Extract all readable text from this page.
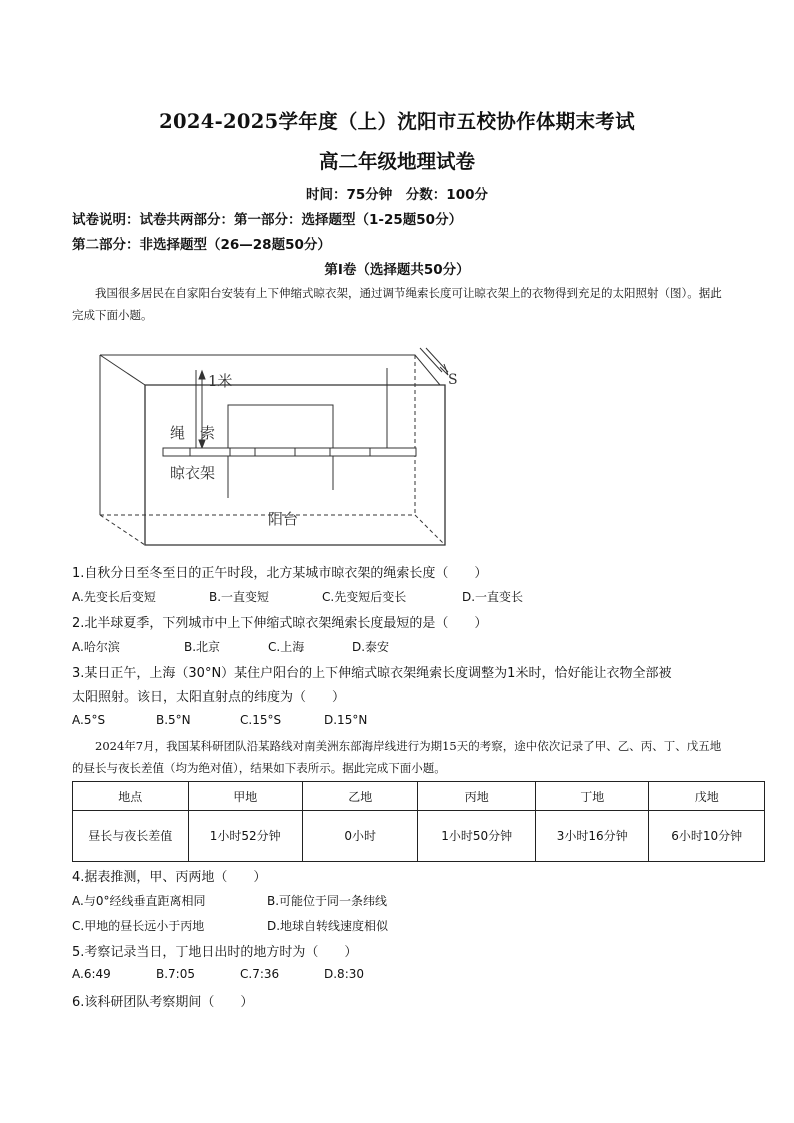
2024-2025学年度（上）沈阳市五校协作体期末考试
高二年级地理试卷
时间：75分钟　分数：100分
试卷说明：试卷共两部分：第一部分：选择题型（1-25题50分）
第二部分：非选择题型（26—28题50分）
第Ⅰ卷（选择题共50分）
我国很多居民在自家阳台安装有上下伸缩式晾衣架，通过调节绳索长度可让晾衣架上的衣物得到充足的太阳照射（图）。据此完成下面小题。
1米
绳　索
晾衣架
阳台
S
1.自秋分日至冬至日的正午时段，北方某城市晾衣架的绳索长度（　　）
A.先变长后变短	B.一直变短	C.先变短后变长	D.一直变长
2.北半球夏季，下列城市中上下伸缩式晾衣架绳索长度最短的是（　　）
A.哈尔滨	B.北京	C.上海	D.泰安
3.某日正午，上海（30°N）某住户阳台的上下伸缩式晾衣架绳索长度调整为1米时，恰好能让衣物全部被
太阳照射。该日，太阳直射点的纬度为（　　）
A.5°S	B.5°N	C.15°S	D.15°N
2024年7月，我国某科研团队沿某路线对南美洲东部海岸线进行为期15天的考察，途中依次记录了甲、乙、丙、丁、戊五地的昼长与夜长差值（均为绝对值），结果如下表所示。据此完成下面小题。
地点	甲地	乙地	丙地	丁地	戊地
昼长与夜长差值	1小时52分钟	0小时	1小时50分钟	3小时16分钟	6小时10分钟
4.据表推测，甲、丙两地（　　）
A.与0°经线垂直距离相同	B.可能位于同一条纬线
C.甲地的昼长远小于丙地	D.地球自转线速度相似
5.考察记录当日，丁地日出时的地方时为（　　）
A.6:49	B.7:05	C.7:36	D.8:30
6.该科研团队考察期间（　　）
